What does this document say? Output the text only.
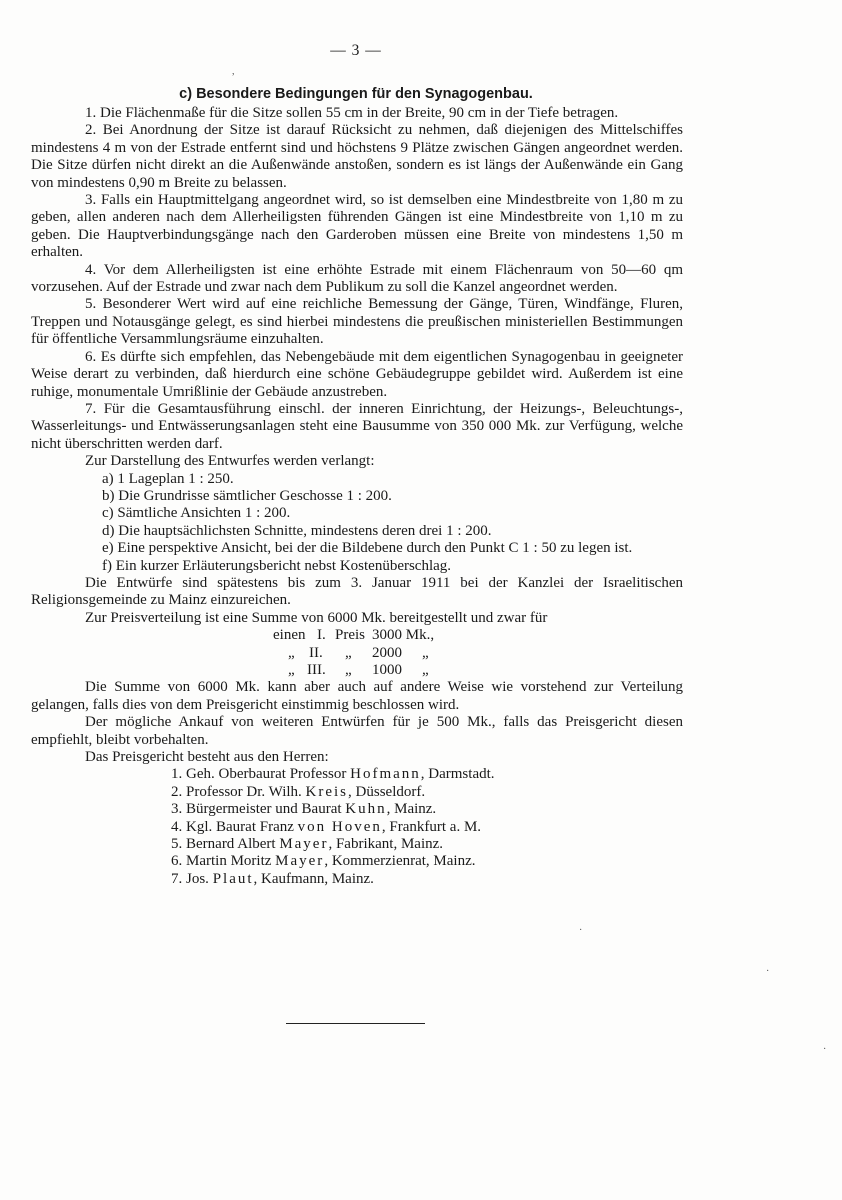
— 3 —
c) Besondere Bedingungen für den Synagogenbau.

1. Die Flächenmaße für die Sitze sollen 55 cm in der Breite, 90 cm in der Tiefe betragen.

2. Bei Anordnung der Sitze ist darauf Rücksicht zu nehmen, daß diejenigen des Mittelschiffes mindestens 4 m von der Estrade entfernt sind und höchstens 9 Plätze zwischen Gängen angeordnet werden. Die Sitze dürfen nicht direkt an die Außenwände anstoßen, sondern es ist längs der Außenwände ein Gang von mindestens 0,90 m Breite zu belassen.

3. Falls ein Hauptmittelgang angeordnet wird, so ist demselben eine Mindestbreite von 1,80 m zu geben, allen anderen nach dem Allerheiligsten führenden Gängen ist eine Mindestbreite von 1,10 m zu geben. Die Hauptverbindungsgänge nach den Garderoben müssen eine Breite von mindestens 1,50 m erhalten.

4. Vor dem Allerheiligsten ist eine erhöhte Estrade mit einem Flächenraum von 50—60 qm vorzusehen. Auf der Estrade und zwar nach dem Publikum zu soll die Kanzel angeordnet werden.

5. Besonderer Wert wird auf eine reichliche Bemessung der Gänge, Türen, Windfänge, Fluren, Treppen und Notausgänge gelegt, es sind hierbei mindestens die preußischen ministeriellen Bestimmungen für öffentliche Versammlungsräume einzuhalten.

6. Es dürfte sich empfehlen, das Nebengebäude mit dem eigentlichen Synagogenbau in geeigneter Weise derart zu verbinden, daß hierdurch eine schöne Gebäudegruppe gebildet wird. Außerdem ist eine ruhige, monumentale Umrißlinie der Gebäude anzustreben.

7. Für die Gesamtausführung einschl. der inneren Einrichtung, der Heizungs-, Beleuchtungs-, Wasserleitungs- und Entwässerungsanlagen steht eine Bausumme von 350 000 Mk. zur Verfügung, welche nicht überschritten werden darf.

Zur Darstellung des Entwurfes werden verlangt:

a) 1 Lageplan 1 : 250.

b) Die Grundrisse sämtlicher Geschosse 1 : 200.

c) Sämtliche Ansichten 1 : 200.

d) Die hauptsächlichsten Schnitte, mindestens deren drei 1 : 200.

e) Eine perspektive Ansicht, bei der die Bildebene durch den Punkt C 1 : 50 zu legen ist.

f) Ein kurzer Erläuterungsbericht nebst Kostenüberschlag.

Die Entwürfe sind spätestens bis zum 3. Januar 1911 bei der Kanzlei der Israelitischen Religionsgemeinde zu Mainz einzureichen.

Zur Preisverteilung ist eine Summe von 6000 Mk. bereitgestellt und zwar für

einen I. Preis 3000 Mk.,
„ II. „ 2000 „
„ III. „ 1000 „

Die Summe von 6000 Mk. kann aber auch auf andere Weise wie vorstehend zur Verteilung gelangen, falls dies von dem Preisgericht einstimmig beschlossen wird.

Der mögliche Ankauf von weiteren Entwürfen für je 500 Mk., falls das Preisgericht diesen empfiehlt, bleibt vorbehalten.

Das Preisgericht besteht aus den Herren:

1. Geh. Oberbaurat Professor Hofmann, Darmstadt.

2. Professor Dr. Wilh. Kreis, Düsseldorf.

3. Bürgermeister und Baurat Kuhn, Mainz.

4. Kgl. Baurat Franz von Hoven, Frankfurt a. M.

5. Bernard Albert Mayer, Fabrikant, Mainz.

6. Martin Moritz Mayer, Kommerzienrat, Mainz.

7. Jos. Plaut, Kaufmann, Mainz.

,
·
·
·
